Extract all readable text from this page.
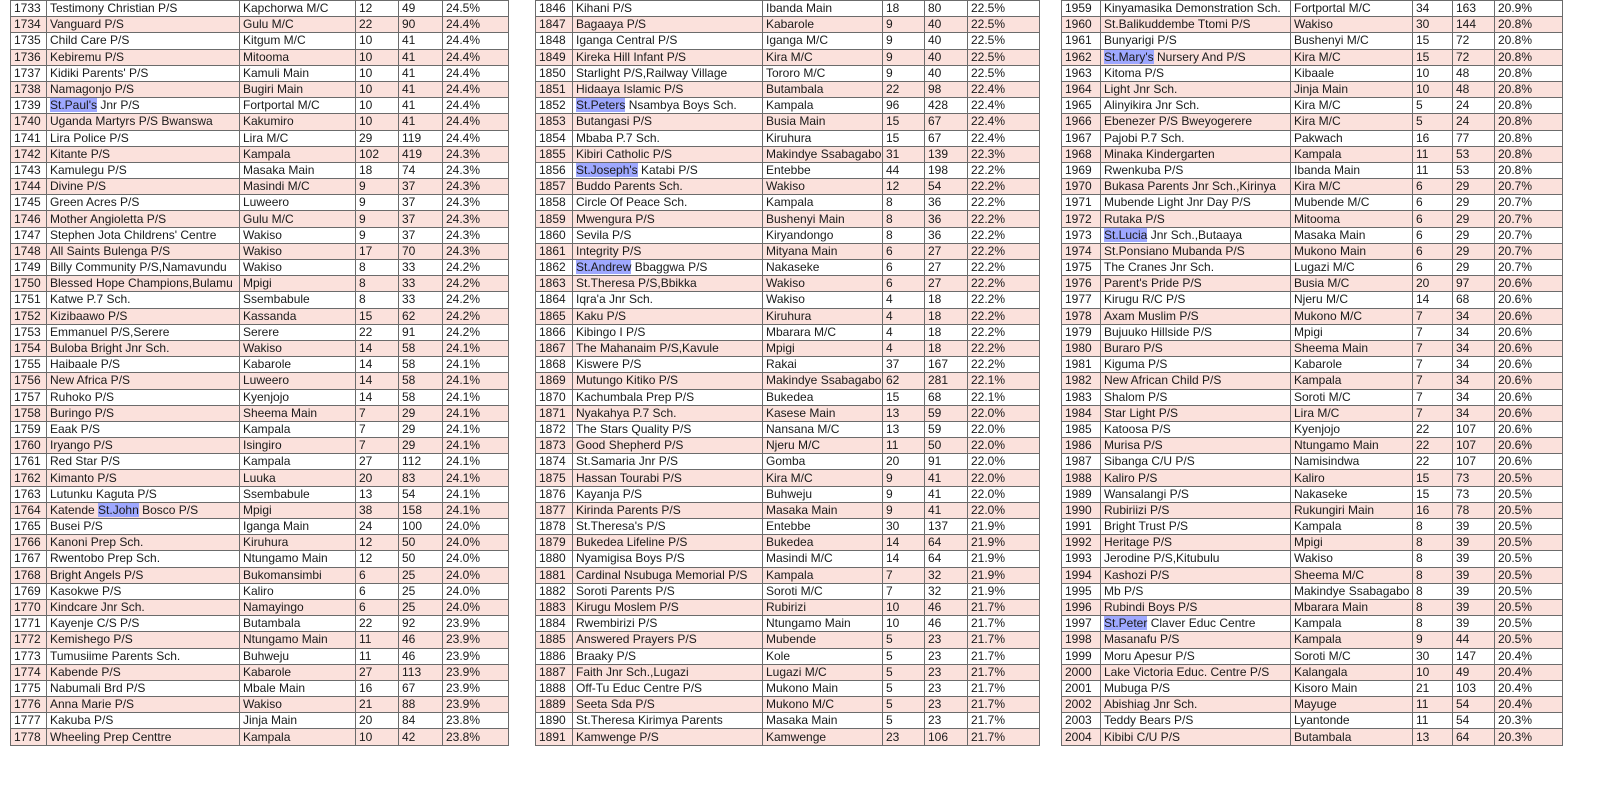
1733	Testimony Christian P/S	Kapchorwa M/C	12	49	24.5%
1734	Vanguard P/S	Gulu M/C	22	90	24.4%
1735	Child Care P/S	Kitgum M/C	10	41	24.4%
1736	Kebiremu P/S	Mitooma	10	41	24.4%
1737	Kidiki Parents' P/S	Kamuli Main	10	41	24.4%
1738	Namagonjo P/S	Bugiri Main	10	41	24.4%
1739	St.Paul's Jnr P/S	Fortportal M/C	10	41	24.4%
1740	Uganda Martyrs P/S Bwanswa	Kakumiro	10	41	24.4%
1741	Lira Police P/S	Lira M/C	29	119	24.4%
1742	Kitante P/S	Kampala	102	419	24.3%
1743	Kamulegu P/S	Masaka Main	18	74	24.3%
1744	Divine P/S	Masindi M/C	9	37	24.3%
1745	Green Acres P/S	Luweero	9	37	24.3%
1746	Mother Angioletta P/S	Gulu M/C	9	37	24.3%
1747	Stephen Jota Childrens' Centre	Wakiso	9	37	24.3%
1748	All Saints Bulenga P/S	Wakiso	17	70	24.3%
1749	Billy Community P/S,Namavundu	Wakiso	8	33	24.2%
1750	Blessed Hope Champions,Bulamu	Mpigi	8	33	24.2%
1751	Katwe P.7 Sch.	Ssembabule	8	33	24.2%
1752	Kizibaawo P/S	Kassanda	15	62	24.2%
1753	Emmanuel P/S,Serere	Serere	22	91	24.2%
1754	Buloba Bright Jnr Sch.	Wakiso	14	58	24.1%
1755	Haibaale P/S	Kabarole	14	58	24.1%
1756	New Africa P/S	Luweero	14	58	24.1%
1757	Ruhoko P/S	Kyenjojo	14	58	24.1%
1758	Buringo P/S	Sheema Main	7	29	24.1%
1759	Eaak P/S	Kampala	7	29	24.1%
1760	Iryango P/S	Isingiro	7	29	24.1%
1761	Red Star P/S	Kampala	27	112	24.1%
1762	Kimanto P/S	Luuka	20	83	24.1%
1763	Lutunku Kaguta P/S	Ssembabule	13	54	24.1%
1764	Katende St.John Bosco P/S	Mpigi	38	158	24.1%
1765	Busei P/S	Iganga Main	24	100	24.0%
1766	Kanoni Prep Sch.	Kiruhura	12	50	24.0%
1767	Rwentobo Prep Sch.	Ntungamo Main	12	50	24.0%
1768	Bright Angels P/S	Bukomansimbi	6	25	24.0%
1769	Kasokwe P/S	Kaliro	6	25	24.0%
1770	Kindcare Jnr Sch.	Namayingo	6	25	24.0%
1771	Kayenje C/S P/S	Butambala	22	92	23.9%
1772	Kemishego P/S	Ntungamo Main	11	46	23.9%
1773	Tumusiime Parents Sch.	Buhweju	11	46	23.9%
1774	Kabende P/S	Kabarole	27	113	23.9%
1775	Nabumali Brd P/S	Mbale Main	16	67	23.9%
1776	Anna Marie P/S	Wakiso	21	88	23.9%
1777	Kakuba P/S	Jinja Main	20	84	23.8%
1778	Wheeling Prep Centtre	Kampala	10	42	23.8%
1846	Kihani P/S	Ibanda Main	18	80	22.5%
1847	Bagaaya P/S	Kabarole	9	40	22.5%
1848	Iganga Central P/S	Iganga M/C	9	40	22.5%
1849	Kireka Hill Infant P/S	Kira M/C	9	40	22.5%
1850	Starlight P/S,Railway Village	Tororo M/C	9	40	22.5%
1851	Hidaaya Islamic P/S	Butambala	22	98	22.4%
1852	St.Peters Nsambya Boys Sch.	Kampala	96	428	22.4%
1853	Butangasi P/S	Busia Main	15	67	22.4%
1854	Mbaba P.7 Sch.	Kiruhura	15	67	22.4%
1855	Kibiri Catholic P/S	Makindye Ssabagabo	31	139	22.3%
1856	St.Joseph's Katabi P/S	Entebbe	44	198	22.2%
1857	Buddo Parents Sch.	Wakiso	12	54	22.2%
1858	Circle Of Peace Sch.	Kampala	8	36	22.2%
1859	Mwengura P/S	Bushenyi Main	8	36	22.2%
1860	Sevila P/S	Kiryandongo	8	36	22.2%
1861	Integrity P/S	Mityana Main	6	27	22.2%
1862	St.Andrew Bbaggwa P/S	Nakaseke	6	27	22.2%
1863	St.Theresa P/S,Bbikka	Wakiso	6	27	22.2%
1864	Iqra'a Jnr Sch.	Wakiso	4	18	22.2%
1865	Kaku P/S	Kiruhura	4	18	22.2%
1866	Kibingo I P/S	Mbarara M/C	4	18	22.2%
1867	The Mahanaim P/S,Kavule	Mpigi	4	18	22.2%
1868	Kiswere P/S	Rakai	37	167	22.2%
1869	Mutungo Kitiko P/S	Makindye Ssabagabo	62	281	22.1%
1870	Kachumbala Prep P/S	Bukedea	15	68	22.1%
1871	Nyakahya P.7 Sch.	Kasese Main	13	59	22.0%
1872	The Stars Quality P/S	Nansana M/C	13	59	22.0%
1873	Good Shepherd P/S	Njeru M/C	11	50	22.0%
1874	St.Samaria Jnr P/S	Gomba	20	91	22.0%
1875	Hassan Tourabi P/S	Kira M/C	9	41	22.0%
1876	Kayanja P/S	Buhweju	9	41	22.0%
1877	Kirinda Parents P/S	Masaka Main	9	41	22.0%
1878	St.Theresa's P/S	Entebbe	30	137	21.9%
1879	Bukedea Lifeline P/S	Bukedea	14	64	21.9%
1880	Nyamigisa Boys P/S	Masindi M/C	14	64	21.9%
1881	Cardinal Nsubuga Memorial P/S	Kampala	7	32	21.9%
1882	Soroti Parents P/S	Soroti M/C	7	32	21.9%
1883	Kirugu Moslem P/S	Rubirizi	10	46	21.7%
1884	Rwembirizi P/S	Ntungamo Main	10	46	21.7%
1885	Answered Prayers P/S	Mubende	5	23	21.7%
1886	Braaky P/S	Kole	5	23	21.7%
1887	Faith Jnr Sch.,Lugazi	Lugazi M/C	5	23	21.7%
1888	Off-Tu Educ Centre P/S	Mukono Main	5	23	21.7%
1889	Seeta Sda P/S	Mukono M/C	5	23	21.7%
1890	St.Theresa Kirimya Parents	Masaka Main	5	23	21.7%
1891	Kamwenge P/S	Kamwenge	23	106	21.7%
1959	Kinyamasika Demonstration Sch.	Fortportal M/C	34	163	20.9%
1960	St.Balikuddembe Ttomi P/S	Wakiso	30	144	20.8%
1961	Bunyarigi P/S	Bushenyi M/C	15	72	20.8%
1962	St.Mary's Nursery And P/S	Kira M/C	15	72	20.8%
1963	Kitoma P/S	Kibaale	10	48	20.8%
1964	Light Jnr Sch.	Jinja Main	10	48	20.8%
1965	Alinyikira Jnr Sch.	Kira M/C	5	24	20.8%
1966	Ebenezer P/S Bweyogerere	Kira M/C	5	24	20.8%
1967	Pajobi P.7 Sch.	Pakwach	16	77	20.8%
1968	Minaka Kindergarten	Kampala	11	53	20.8%
1969	Rwenkuba P/S	Ibanda Main	11	53	20.8%
1970	Bukasa Parents Jnr Sch.,Kirinya	Kira M/C	6	29	20.7%
1971	Mubende Light Jnr Day P/S	Mubende M/C	6	29	20.7%
1972	Rutaka P/S	Mitooma	6	29	20.7%
1973	St.Lucia Jnr Sch.,Butaaya	Masaka Main	6	29	20.7%
1974	St.Ponsiano Mubanda P/S	Mukono Main	6	29	20.7%
1975	The Cranes Jnr Sch.	Lugazi M/C	6	29	20.7%
1976	Parent's Pride P/S	Busia M/C	20	97	20.6%
1977	Kirugu R/C P/S	Njeru M/C	14	68	20.6%
1978	Axam Muslim P/S	Mukono M/C	7	34	20.6%
1979	Bujuuko Hillside P/S	Mpigi	7	34	20.6%
1980	Buraro P/S	Sheema Main	7	34	20.6%
1981	Kiguma P/S	Kabarole	7	34	20.6%
1982	New African Child P/S	Kampala	7	34	20.6%
1983	Shalom P/S	Soroti M/C	7	34	20.6%
1984	Star Light P/S	Lira M/C	7	34	20.6%
1985	Katoosa P/S	Kyenjojo	22	107	20.6%
1986	Murisa P/S	Ntungamo Main	22	107	20.6%
1987	Sibanga C/U P/S	Namisindwa	22	107	20.6%
1988	Kaliro P/S	Kaliro	15	73	20.5%
1989	Wansalangi P/S	Nakaseke	15	73	20.5%
1990	Rubiriizi P/S	Rukungiri Main	16	78	20.5%
1991	Bright Trust P/S	Kampala	8	39	20.5%
1992	Heritage P/S	Mpigi	8	39	20.5%
1993	Jerodine P/S,Kitubulu	Wakiso	8	39	20.5%
1994	Kashozi P/S	Sheema M/C	8	39	20.5%
1995	Mb P/S	Makindye Ssabagabo	8	39	20.5%
1996	Rubindi Boys P/S	Mbarara Main	8	39	20.5%
1997	St.Peter Claver Educ Centre	Kampala	8	39	20.5%
1998	Masanafu P/S	Kampala	9	44	20.5%
1999	Moru Apesur P/S	Soroti M/C	30	147	20.4%
2000	Lake Victoria Educ. Centre P/S	Kalangala	10	49	20.4%
2001	Mubuga P/S	Kisoro Main	21	103	20.4%
2002	Abishiag Jnr Sch.	Mayuge	11	54	20.4%
2003	Teddy Bears P/S	Lyantonde	11	54	20.3%
2004	Kibibi C/U P/S	Butambala	13	64	20.3%
